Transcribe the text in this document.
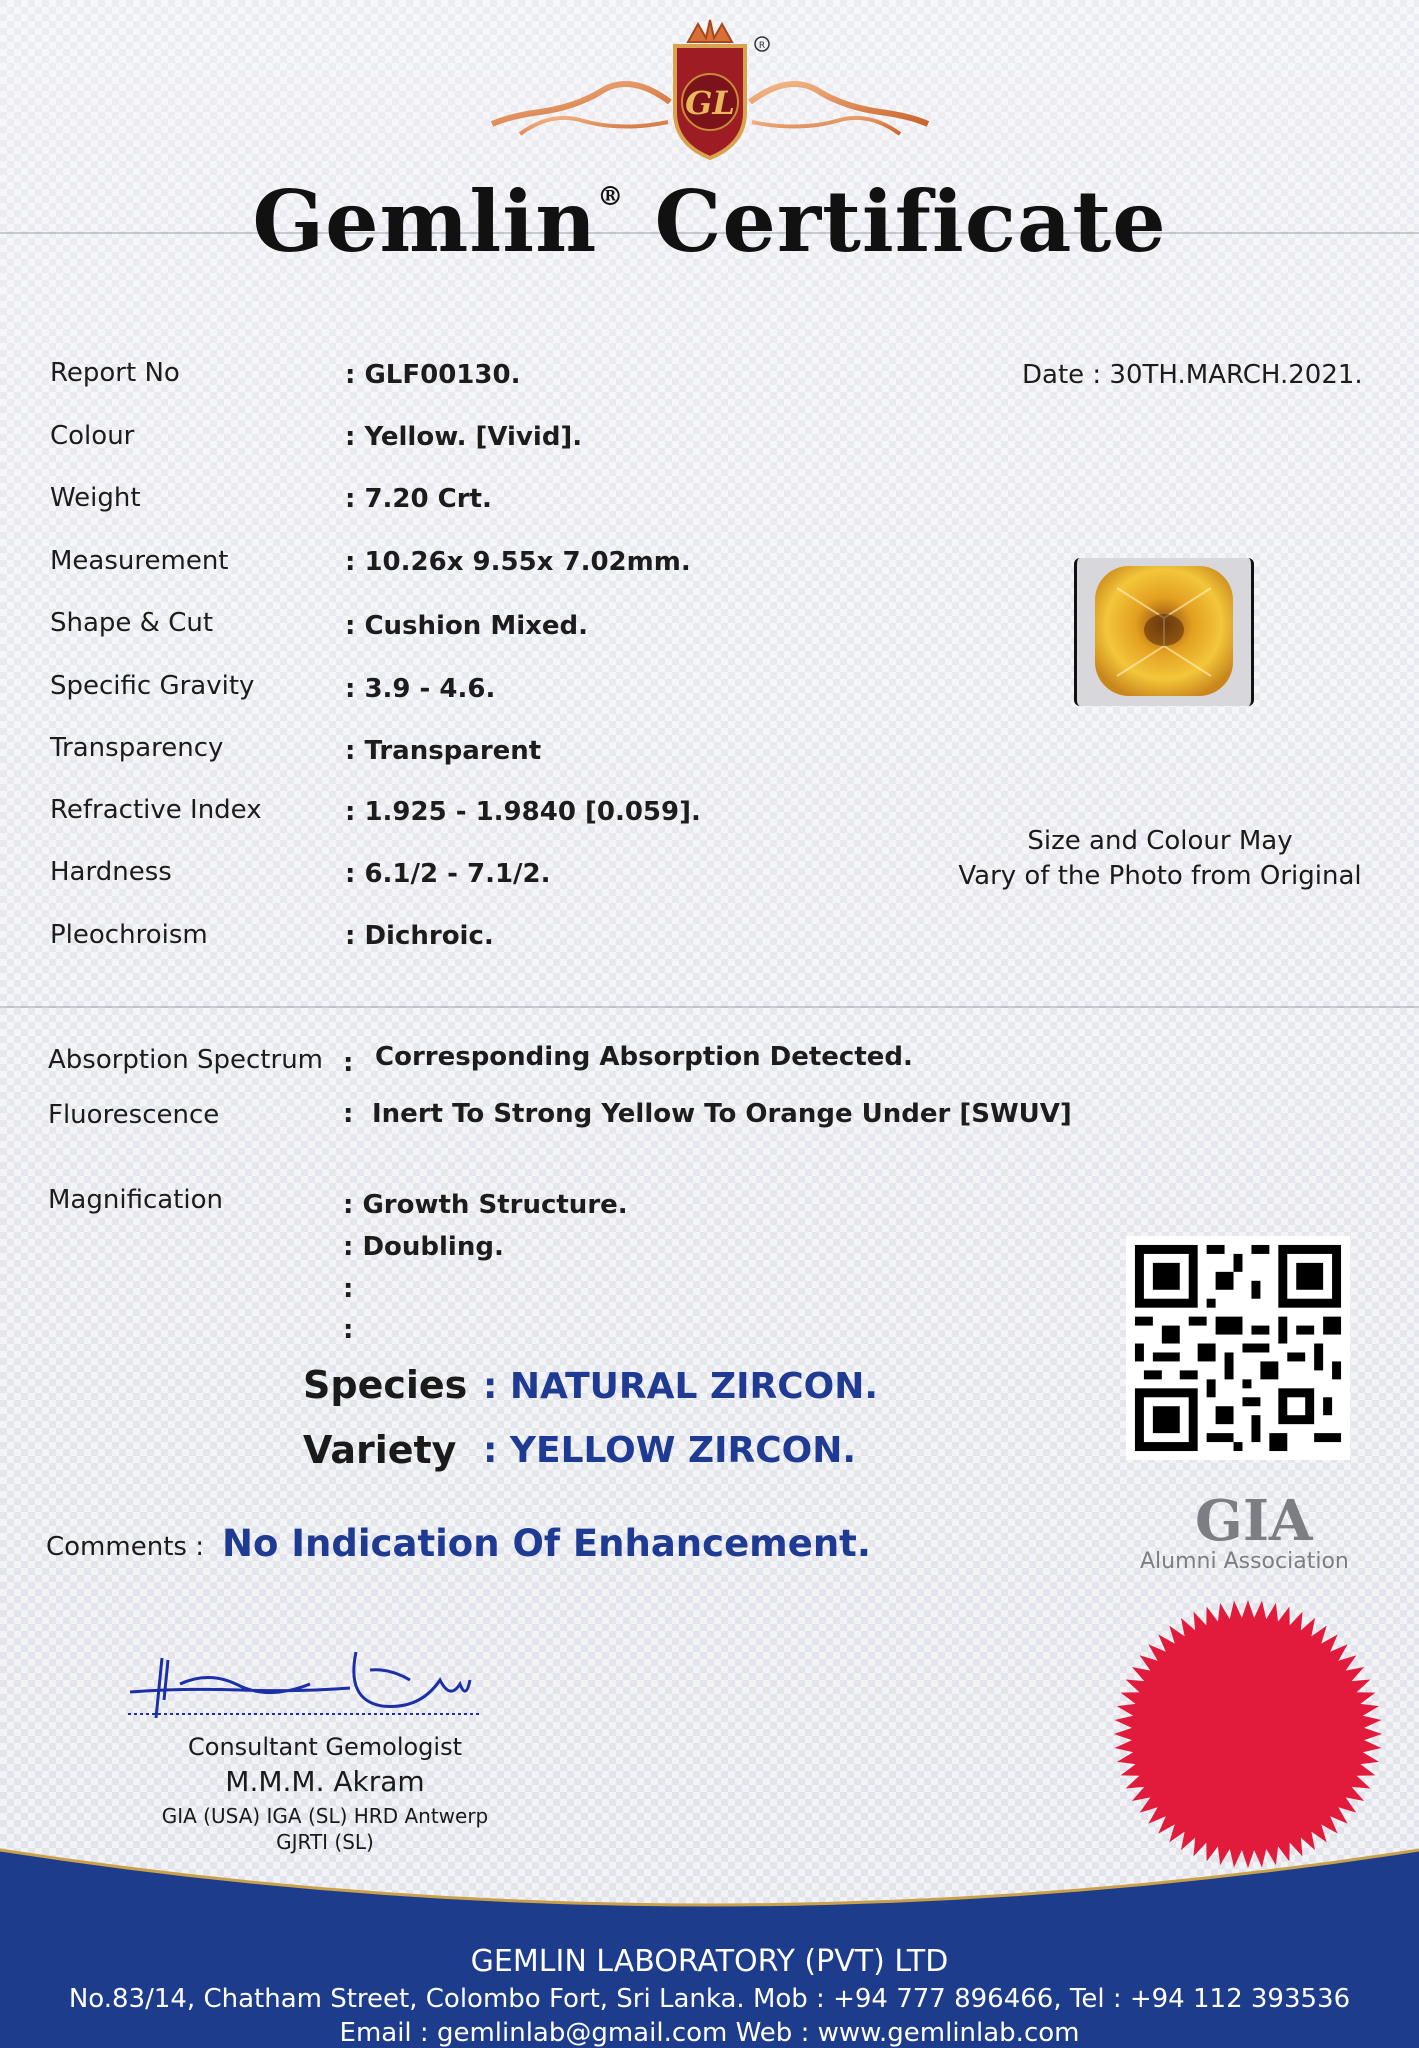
GL
R
Gemlin® Certificate
Report No	: GLF00130.
Colour	: Yellow. [Vivid].
Weight	: 7.20 Crt.
Measurement	: 10.26x 9.55x 7.02mm.
Shape & Cut	: Cushion Mixed.
Specific Gravity	: 3.9 - 4.6.
Transparency	: Transparent
Refractive Index	: 1.925 - 1.9840 [0.059].
Hardness	: 6.1/2 - 7.1/2.
Pleochroism	: Dichroic.
Date : 30TH.MARCH.2021.
Size and Colour May
Vary of the Photo from Original
Absorption Spectrum : Corresponding Absorption Detected.
Fluorescence	: Inert To Strong Yellow To Orange Under [SWUV]
Magnification	: Growth Structure.
: Doubling.
:
:
Species : NATURAL ZIRCON.
Variety : YELLOW ZIRCON.
Comments : No Indication Of Enhancement.	GIA
Alumni Association
Consultant Gemologist
M.M.M. Akram
GIA (USA) IGA (SL) HRD Antwerp
GJRTI (SL)
GEMLIN LABORATORY (PVT) LTD
No.83/14, Chatham Street, Colombo Fort, Sri Lanka. Mob : +94 777 896466, Tel : +94 112 393536
Email : gemlinlab@gmail.com Web : www.gemlinlab.com
